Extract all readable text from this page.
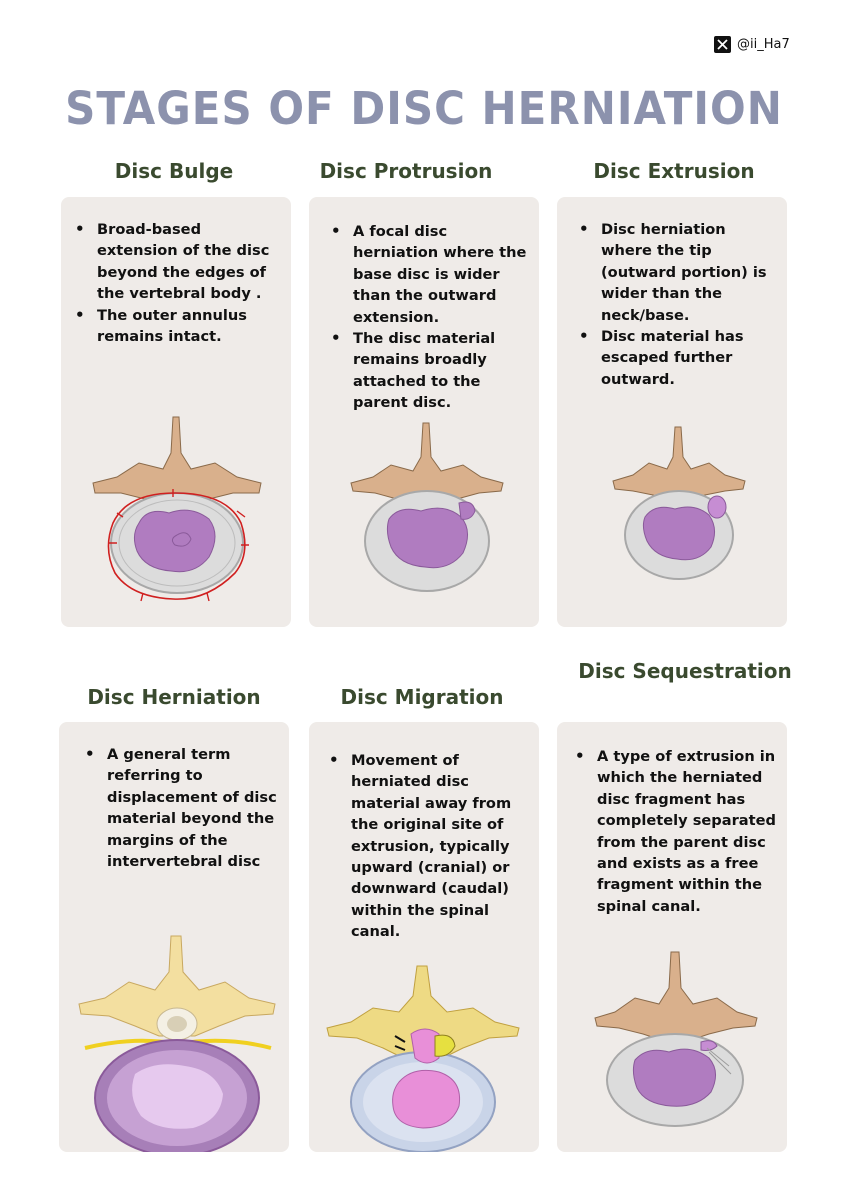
@ii_Ha7
STAGES OF DISC HERNIATION
Disc Bulge	Disc Protrusion	Disc Extrusion
• Broad-based extension of the disc beyond the edges of the vertebral body .
• The outer annulus remains intact.
• A focal disc herniation where the base disc is wider than the outward extension.
• The disc material remains broadly attached to the parent disc.
• Disc herniation where the tip (outward portion) is wider than the neck/base.
• Disc material has escaped further outward.
Disc Herniation	Disc Migration
Disc Sequestration
• A general term referring to displacement of disc material beyond the margins of the intervertebral disc
• Movement of herniated disc material away from the original site of extrusion, typically upward (cranial) or downward (caudal) within the spinal canal.
• A type of extrusion in which the herniated disc fragment has completely separated from the parent disc and exists as a free fragment within the spinal canal.
